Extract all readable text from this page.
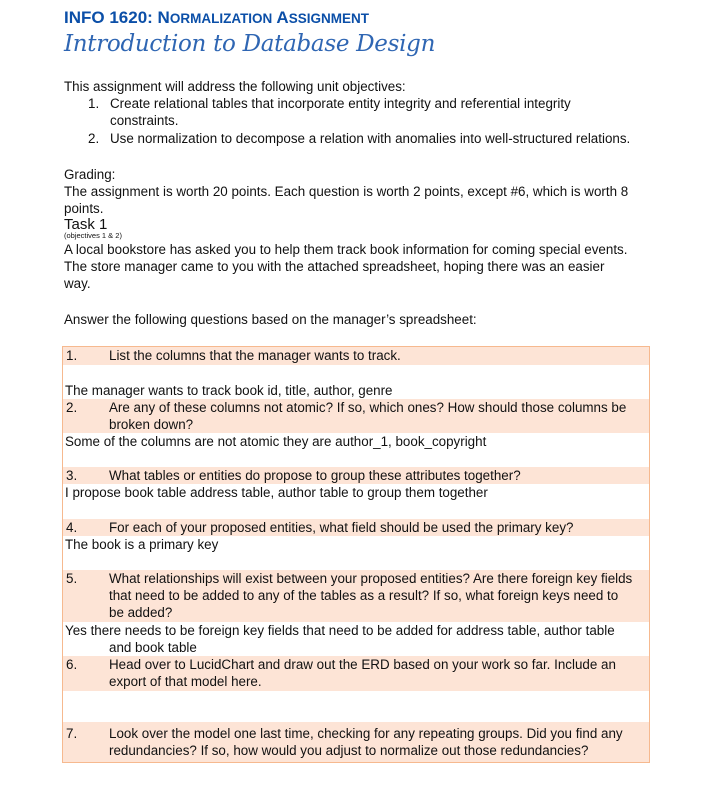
INFO 1620: NORMALIZATION ASSIGNMENT
Introduction to Database Design
This assignment will address the following unit objectives:
1. Create relational tables that incorporate entity integrity and referential integrity
constraints.
2. Use normalization to decompose a relation with anomalies into well-structured relations.
Grading:
The assignment is worth 20 points. Each question is worth 2 points, except #6, which is worth 8
points.
Task 1
(objectives 1 & 2)
A local bookstore has asked you to help them track book information for coming special events.
The store manager came to you with the attached spreadsheet, hoping there was an easier
way.
Answer the following questions based on the manager’s spreadsheet:
1. List the columns that the manager wants to track.
The manager wants to track book id, title, author, genre
2. Are any of these columns not atomic? If so, which ones? How should those columns be
broken down?
Some of the columns are not atomic they are author_1, book_copyright
3. What tables or entities do propose to group these attributes together?
I propose book table address table, author table to group them together
4. For each of your proposed entities, what field should be used the primary key?
The book is a primary key
5. What relationships will exist between your proposed entities? Are there foreign key fields
that need to be added to any of the tables as a result? If so, what foreign keys need to
be added?
Yes there needs to be foreign key fields that need to be added for address table, author table
and book table
6. Head over to LucidChart and draw out the ERD based on your work so far. Include an
export of that model here.
7. Look over the model one last time, checking for any repeating groups. Did you find any
redundancies? If so, how would you adjust to normalize out those redundancies?
